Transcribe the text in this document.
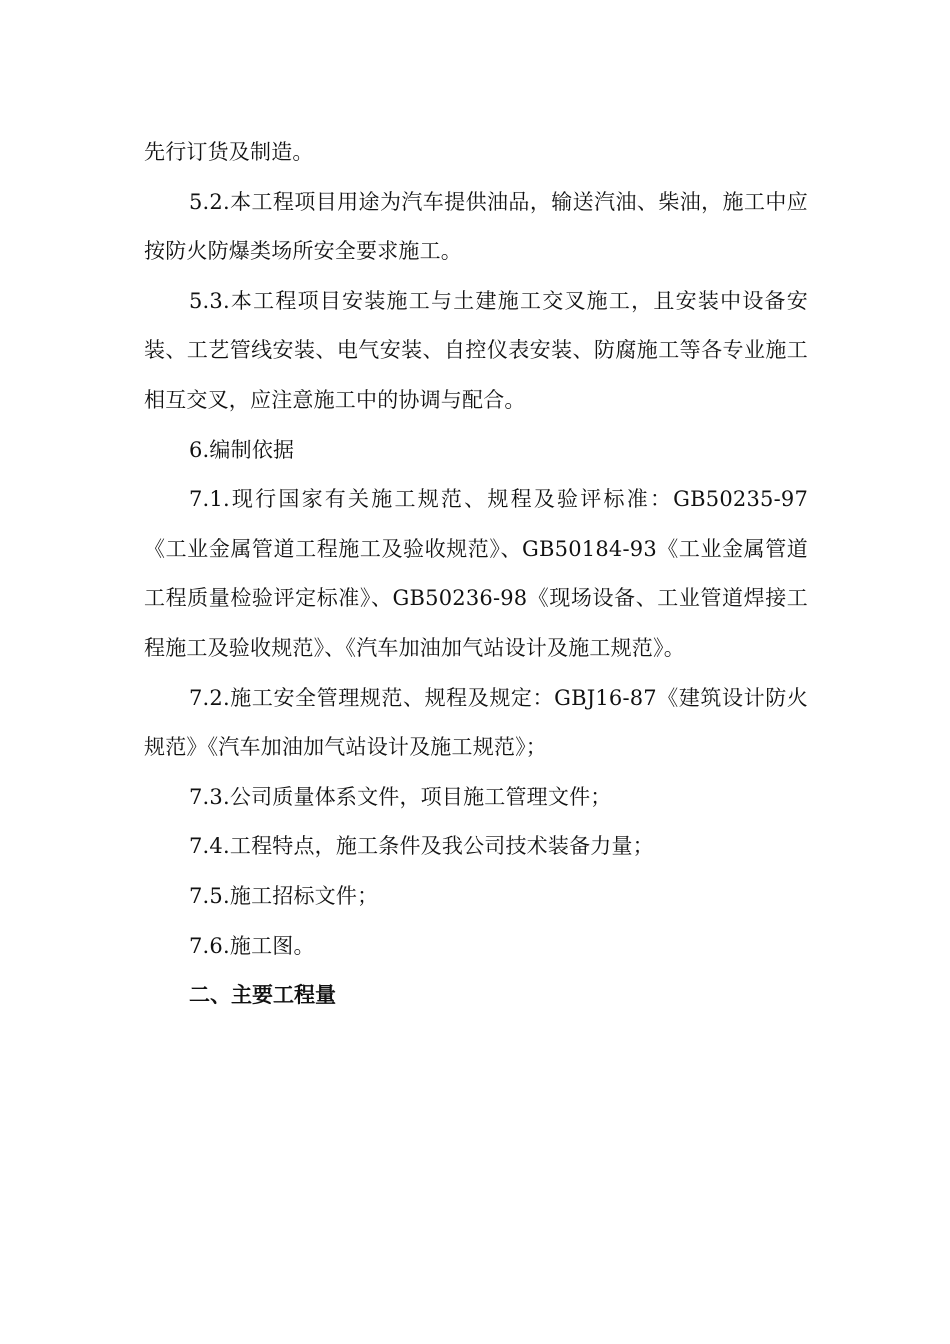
先行订货及制造。

5.2.本工程项目用途为汽车提供油品，输送汽油、柴油，施工中应按防火防爆类场所安全要求施工。

5.3.本工程项目安装施工与土建施工交叉施工，且安装中设备安装、工艺管线安装、电气安装、自控仪表安装、防腐施工等各专业施工相互交叉，应注意施工中的协调与配合。

6.编制依据

7.1.现行国家有关施工规范、规程及验评标准：GB50235-97《工业金属管道工程施工及验收规范》、GB50184-93《工业金属管道工程质量检验评定标准》、GB50236-98《现场设备、工业管道焊接工程施工及验收规范》、《汽车加油加气站设计及施工规范》。

7.2.施工安全管理规范、规程及规定：GBJ16-87《建筑设计防火规范》《汽车加油加气站设计及施工规范》；

7.3.公司质量体系文件，项目施工管理文件；

7.4.工程特点，施工条件及我公司技术装备力量；

7.5.施工招标文件；

7.6.施工图。

二、主要工程量
